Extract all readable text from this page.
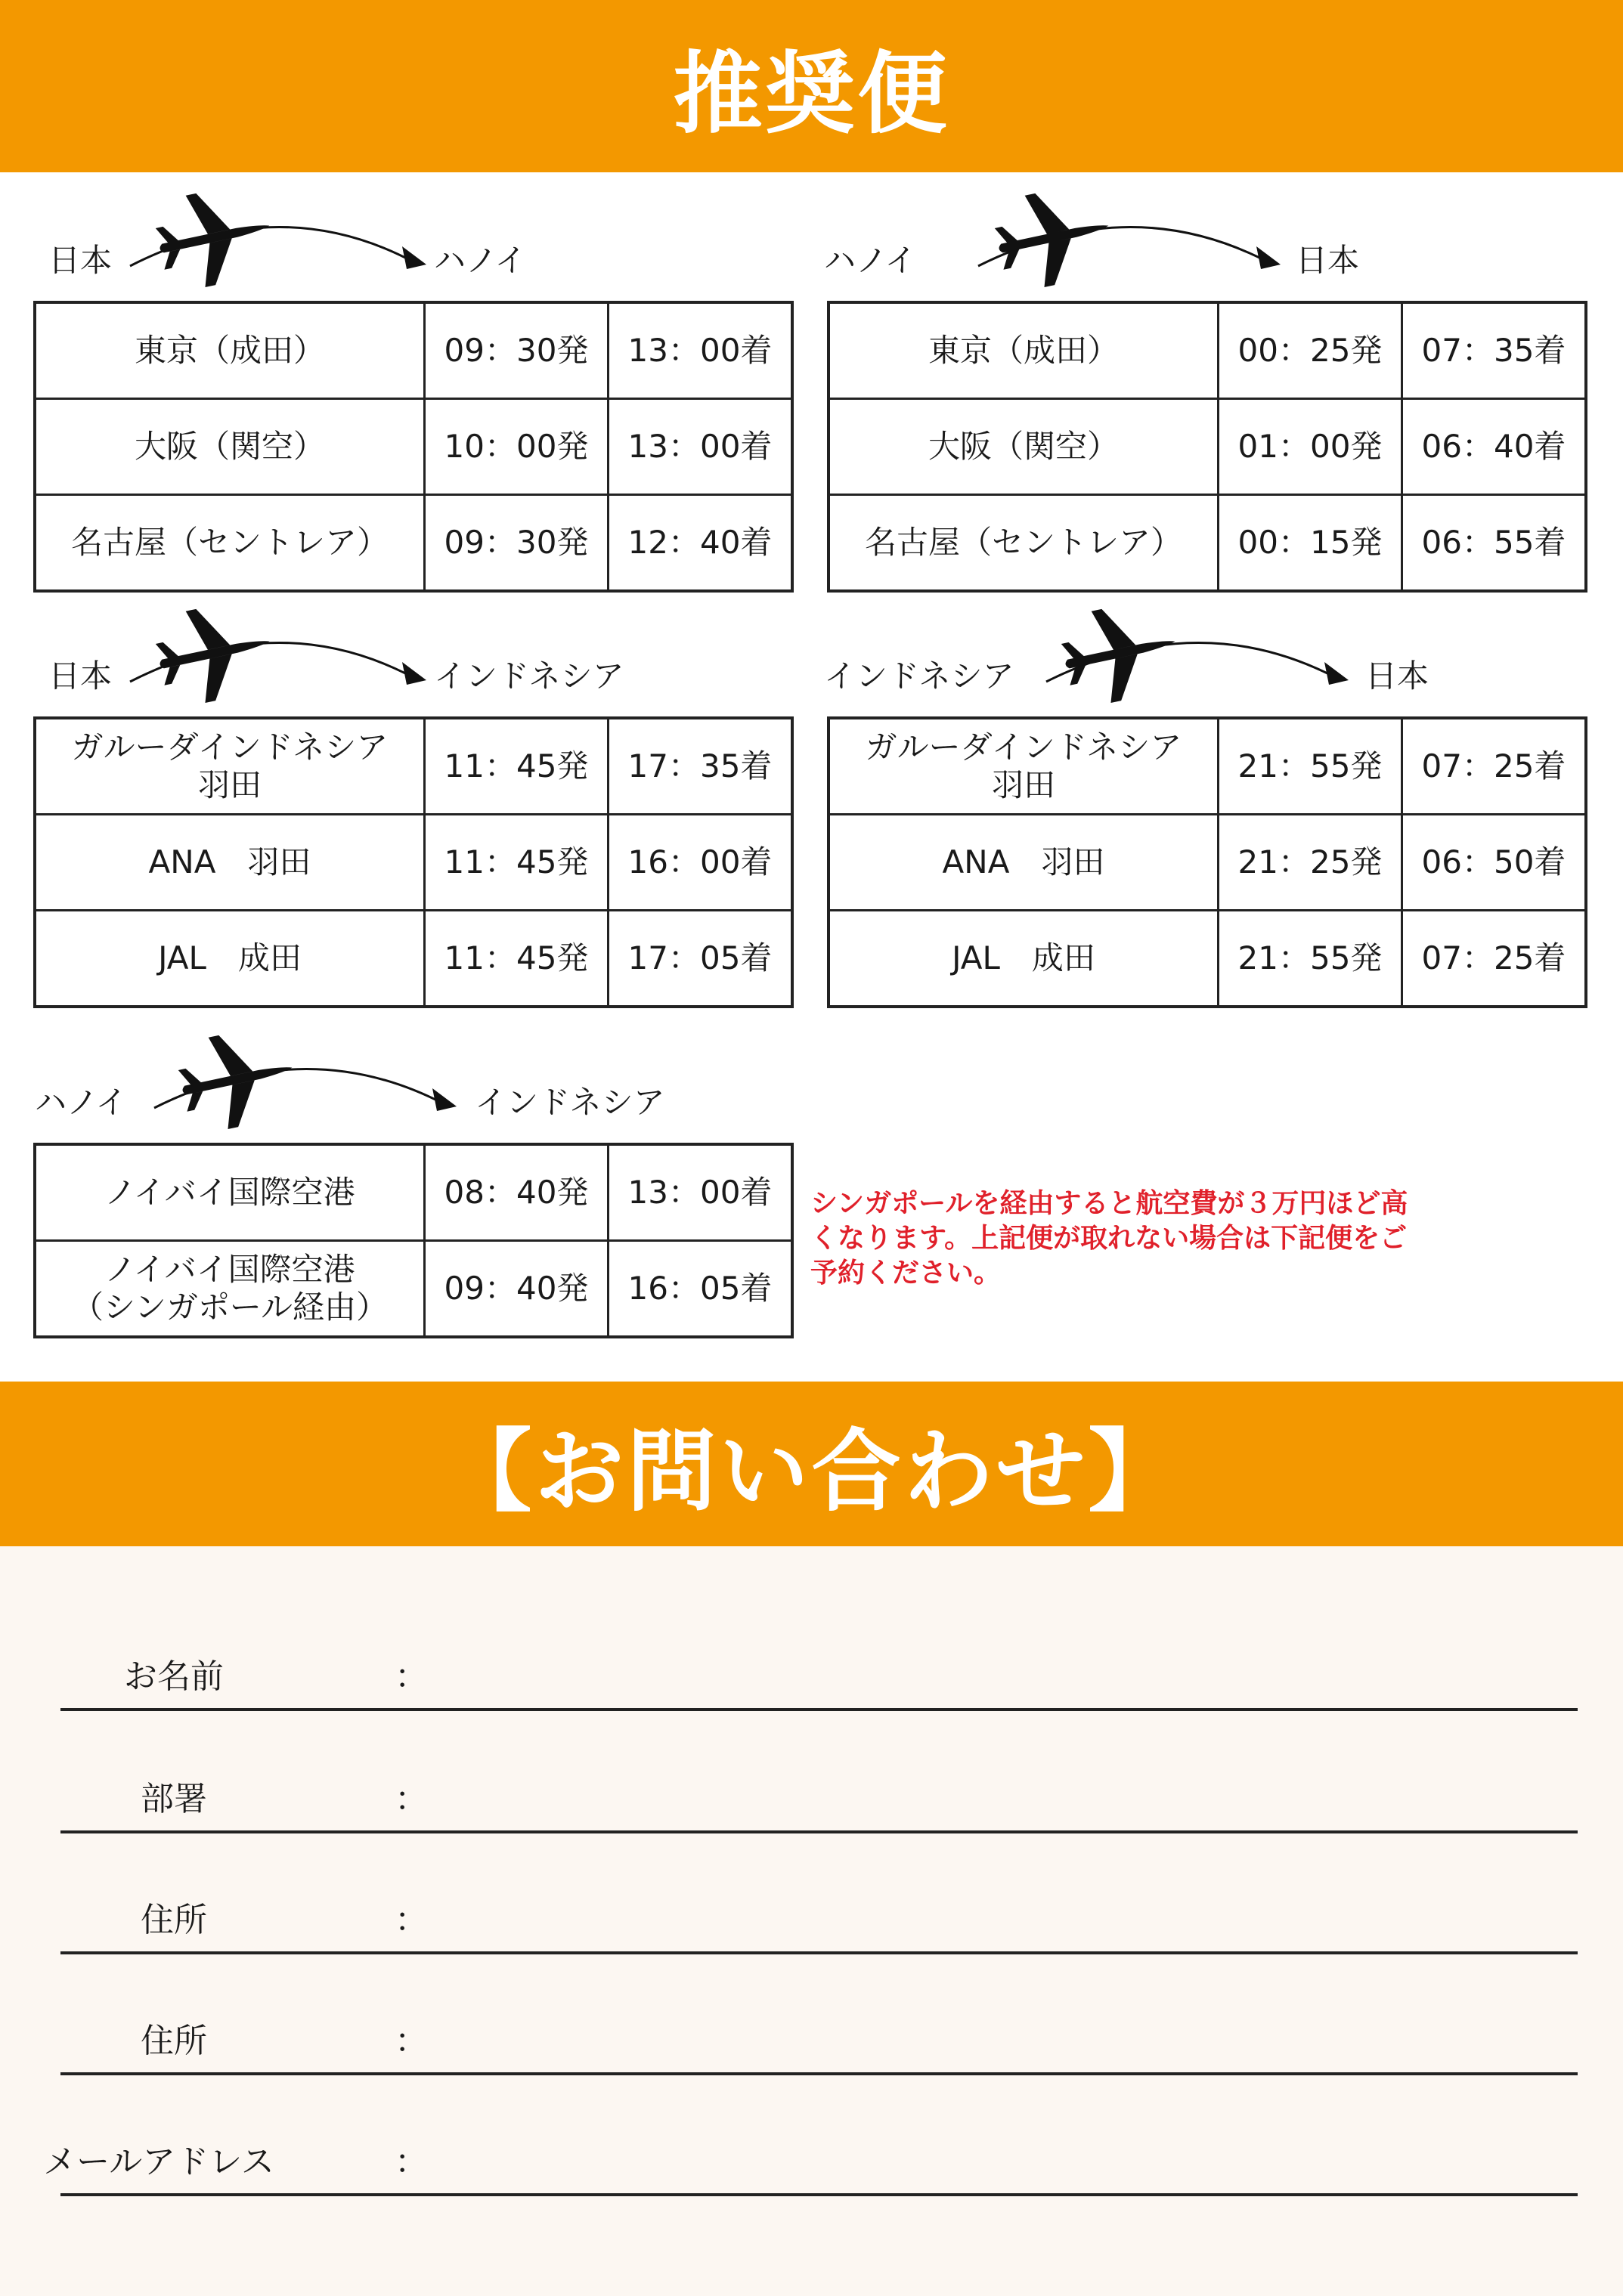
推奨便
日本	ハノイ
東京（成田）	09：30発	13：00着

大阪（関空）	10：00発	13：00着

名古屋（セントレア）	09：30発	12：40着
ハノイ	日本
東京（成田）	00：25発	07：35着

大阪（関空）	01：00発	06：40着

名古屋（セントレア）	00：15発	06：55着
日本	インドネシア
ガルーダインドネシア
羽田	11：45発	17：35着

ANA　羽田	11：45発	16：00着

JAL　成田	11：45発	17：05着
インドネシア	日本
ガルーダインドネシア
羽田	21：55発	07：25着

ANA　羽田	21：25発	06：50着

JAL　成田	21：55発	07：25着
ハノイ	インドネシア
ノイバイ国際空港	08：40発	13：00着

ノイバイ国際空港
（シンガポール経由）	09：40発	16：05着
シンガポールを経由すると航空費が３万円ほど高くなります。上記便が取れない場合は下記便をご予約ください。
【お問い合わせ】
お名前	：
部署	：
住所	：
住所	：
メールアドレス	：
